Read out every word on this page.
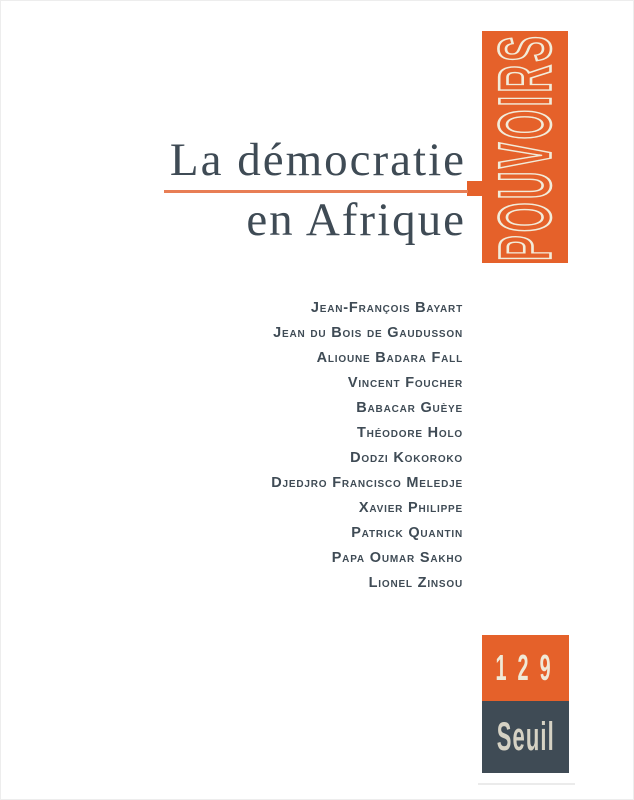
POUVOIRS
La démocratie
en Afrique
Jean-François Bayart
Jean du Bois de Gaudusson
Alioune Badara Fall
Vincent Foucher
Babacar Guèye
Théodore Holo
Dodzi Kokoroko
Djedjro Francisco Meledje
Xavier Philippe
Patrick Quantin
Papa Oumar Sakho
Lionel Zinsou
129
Seuil
